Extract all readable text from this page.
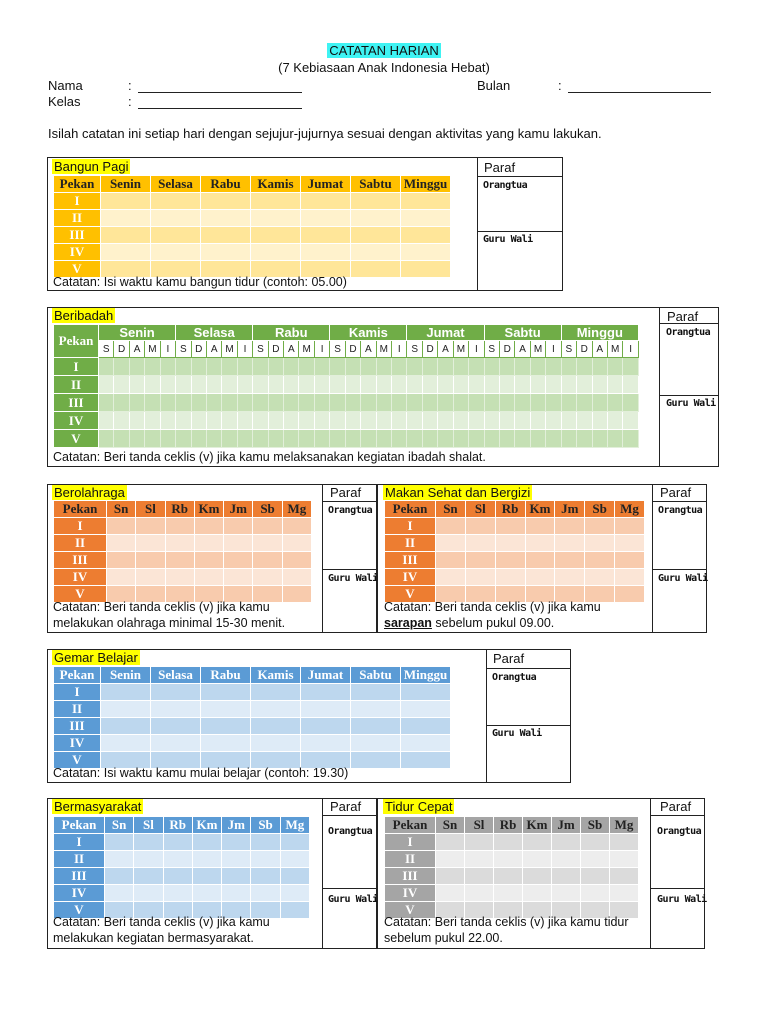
CATATAN HARIAN
(7 Kebiasaan Anak Indonesia Hebat)
Nama	:
Kelas	:
Bulan	:
Isilah catatan ini setiap hari dengan sejujur-jujurnya sesuai dengan aktivitas yang kamu lakukan.
Bangun Pagi	Paraf
Orangtua
Guru Wali
Pekan	Senin	Selasa	Rabu	Kamis	Jumat	Sabtu	Minggu
I							
II							
III							
IV							
V							
Catatan: Isi waktu kamu bangun tidur (contoh: 05.00)
Beribadah	Paraf
Orangtua
Guru Wali
Pekan	Senin					Selasa					Rabu					Kamis					Jumat					Sabtu					Minggu				
	S	D	A	M	I	S	D	A	M	I	S	D	A	M	I	S	D	A	M	I	S	D	A	M	I	S	D	A	M	I	S	D	A	M	I
I																																			
II																																			
III																																			
IV																																			
V																																			
Catatan: Beri tanda ceklis (v) jika kamu melaksanakan kegiatan ibadah shalat.
Berolahraga	Paraf
Orangtua
Guru Wali
Pekan	Sn	Sl	Rb	Km	Jm	Sb	Mg
I							
II							
III							
IV							
V							
Catatan: Beri tanda ceklis (v) jika kamu
melakukan olahraga minimal 15-30 menit.
Makan Sehat dan Bergizi	Paraf
Orangtua
Guru Wali
Pekan	Sn	Sl	Rb	Km	Jm	Sb	Mg
I							
II							
III							
IV							
V							
Catatan: Beri tanda ceklis (v) jika kamu
sarapan sebelum pukul 09.00.
Gemar Belajar	Paraf
Orangtua
Guru Wali
Pekan	Senin	Selasa	Rabu	Kamis	Jumat	Sabtu	Minggu
I							
II							
III							
IV							
V							
Catatan: Isi waktu kamu mulai belajar (contoh: 19.30)
Bermasyarakat	Paraf
Orangtua
Guru Wali
Pekan	Sn	Sl	Rb	Km	Jm	Sb	Mg
I							
II							
III							
IV							
V							
Catatan: Beri tanda ceklis (v) jika kamu
melakukan kegiatan bermasyarakat.
Tidur Cepat	Paraf
Orangtua
Guru Wali
Pekan	Sn	Sl	Rb	Km	Jm	Sb	Mg
I							
II							
III							
IV							
V							
Catatan: Beri tanda ceklis (v) jika kamu tidur
sebelum pukul 22.00.
